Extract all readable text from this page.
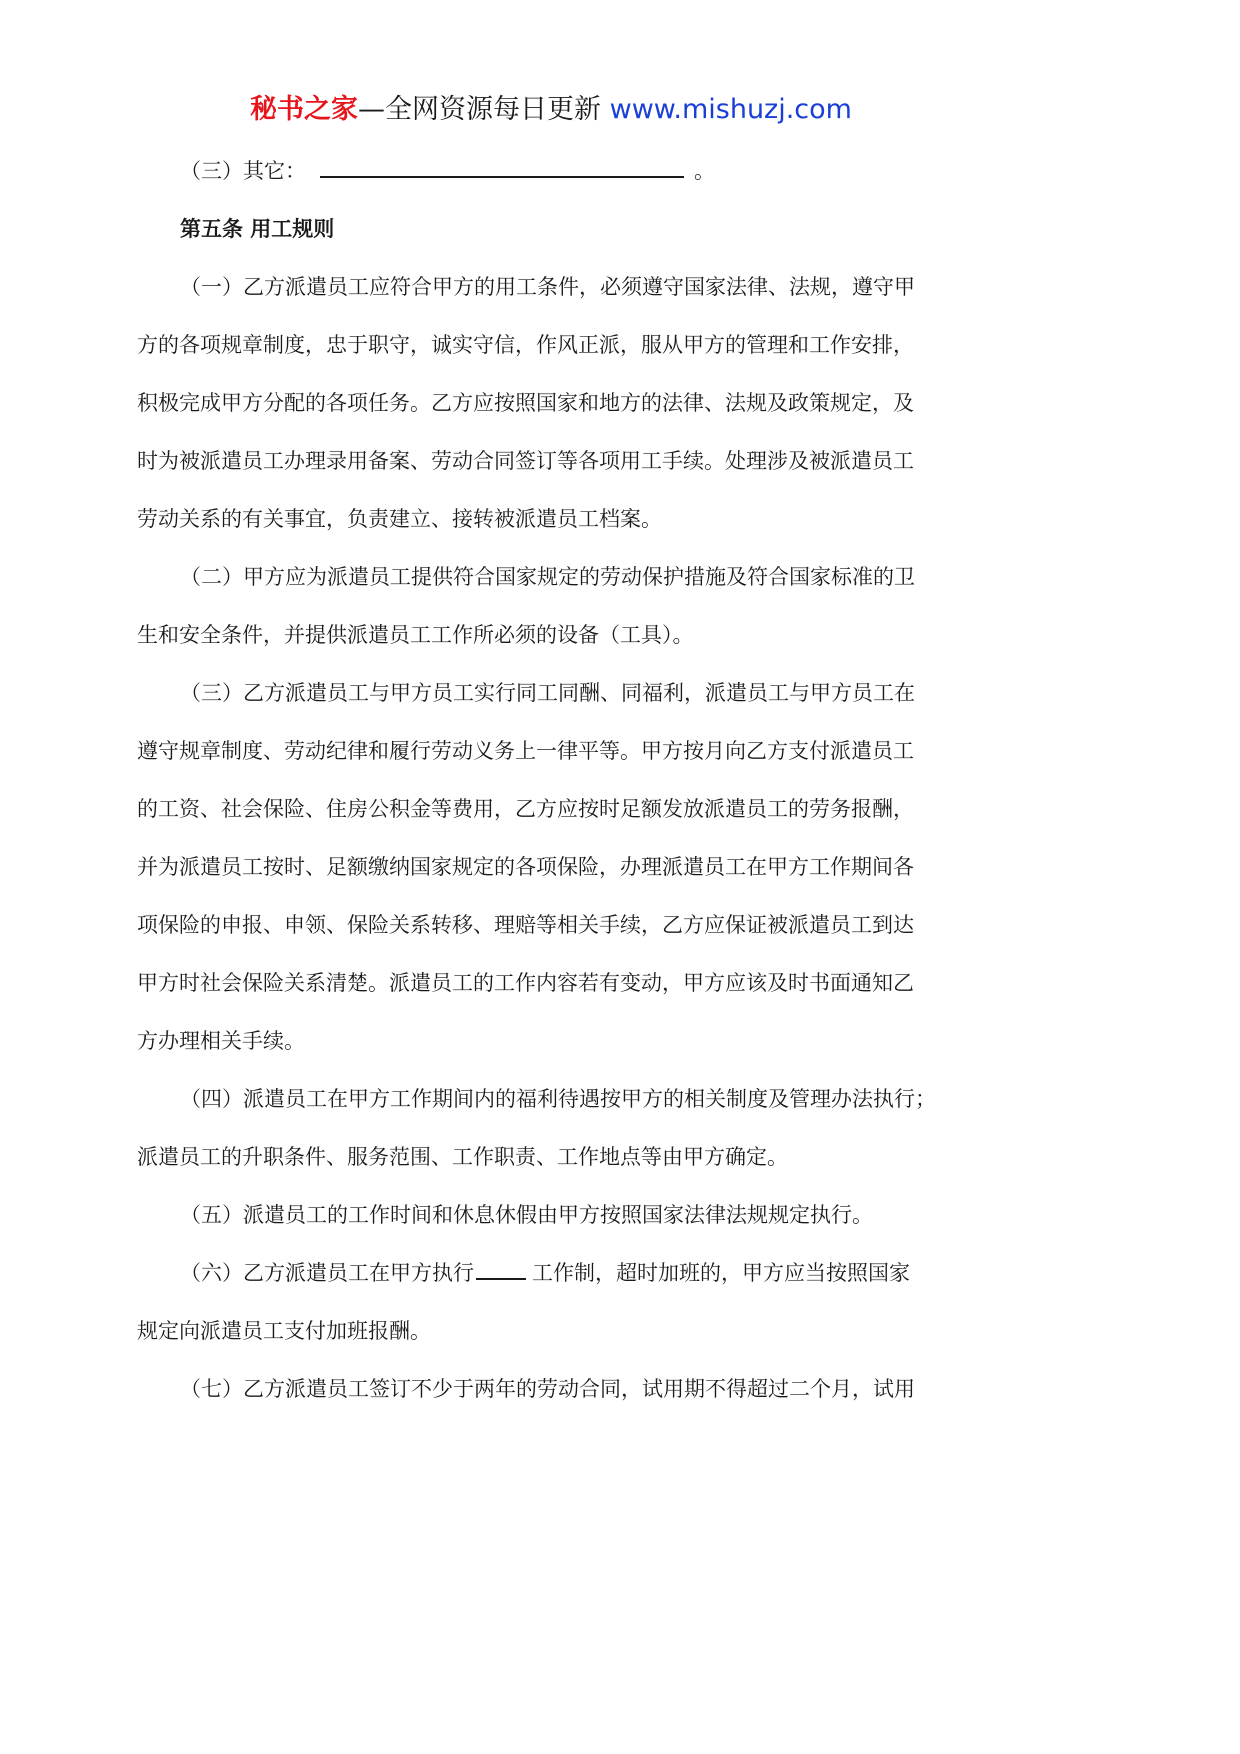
秘书之家—全网资源每日更新 www.mishuzj.com
（三）其它：	。
第五条 用工规则
（一）乙方派遣员工应符合甲方的用工条件，必须遵守国家法律、法规，遵守甲
方的各项规章制度，忠于职守，诚实守信，作风正派，服从甲方的管理和工作安排，
积极完成甲方分配的各项任务。乙方应按照国家和地方的法律、法规及政策规定，及
时为被派遣员工办理录用备案、劳动合同签订等各项用工手续。处理涉及被派遣员工
劳动关系的有关事宜，负责建立、接转被派遣员工档案。
（二）甲方应为派遣员工提供符合国家规定的劳动保护措施及符合国家标准的卫
生和安全条件，并提供派遣员工工作所必须的设备（工具）。
（三）乙方派遣员工与甲方员工实行同工同酬、同福利，派遣员工与甲方员工在
遵守规章制度、劳动纪律和履行劳动义务上一律平等。甲方按月向乙方支付派遣员工
的工资、社会保险、住房公积金等费用，乙方应按时足额发放派遣员工的劳务报酬，
并为派遣员工按时、足额缴纳国家规定的各项保险，办理派遣员工在甲方工作期间各
项保险的申报、申领、保险关系转移、理赔等相关手续，乙方应保证被派遣员工到达
甲方时社会保险关系清楚。派遣员工的工作内容若有变动，甲方应该及时书面通知乙
方办理相关手续。
（四）派遣员工在甲方工作期间内的福利待遇按甲方的相关制度及管理办法执行；
派遣员工的升职条件、服务范围、工作职责、工作地点等由甲方确定。
（五）派遣员工的工作时间和休息休假由甲方按照国家法律法规规定执行。
（六）乙方派遣员工在甲方执行	工作制，超时加班的，甲方应当按照国家
规定向派遣员工支付加班报酬。
（七）乙方派遣员工签订不少于两年的劳动合同，试用期不得超过二个月，试用
